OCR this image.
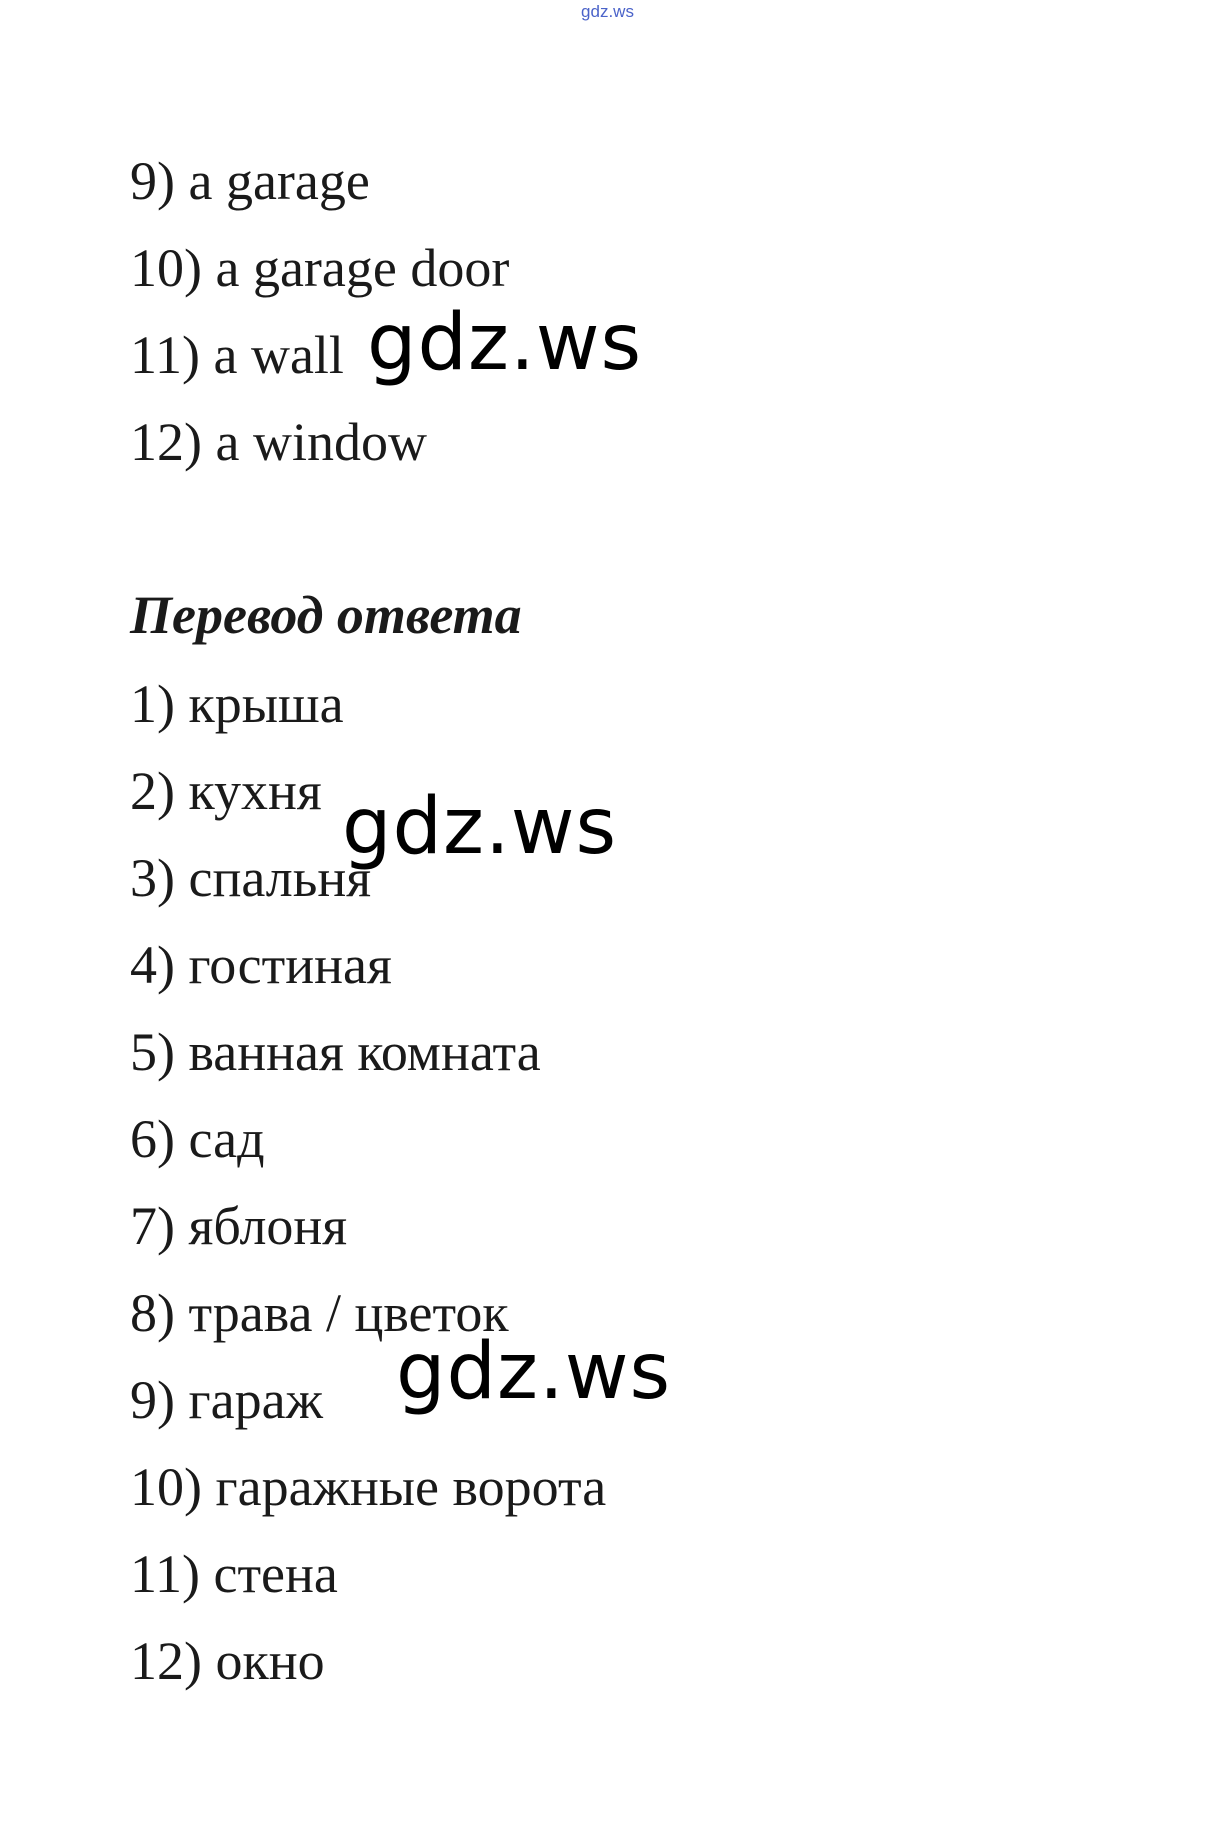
gdz.ws
9) a garage
10) a garage door
11) a wall
12) a window
Перевод ответа
1) крыша
2) кухня
3) спальня
4) гостиная
5) ванная комната
6) сад
7) яблоня
8) трава / цветок
9) гараж
10) гаражные ворота
11) стена
12) окно
gdz.ws
gdz.ws
gdz.ws
